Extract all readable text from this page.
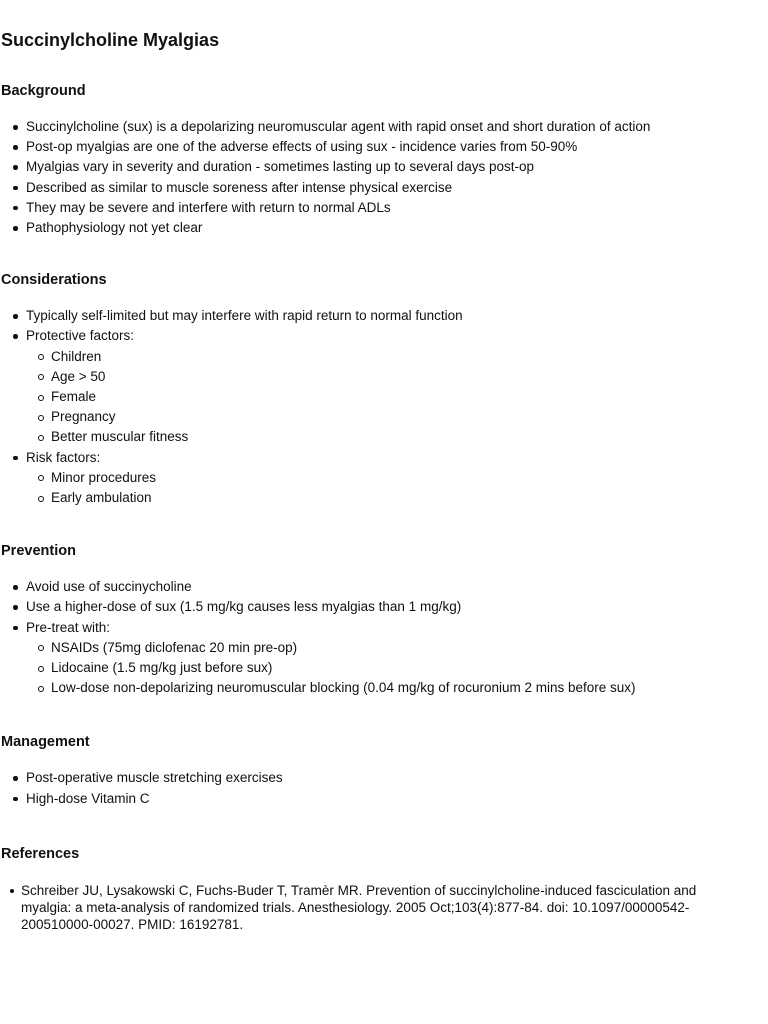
Succinylcholine Myalgias
Background
Succinylcholine (sux) is a depolarizing neuromuscular agent with rapid onset and short duration of action
Post-op myalgias are one of the adverse effects of using sux - incidence varies from 50-90%
Myalgias vary in severity and duration - sometimes lasting up to several days post-op
Described as similar to muscle soreness after intense physical exercise
They may be severe and interfere with return to normal ADLs
Pathophysiology not yet clear
Considerations
Typically self-limited but may interfere with rapid return to normal function
Protective factors:
Children
Age > 50
Female
Pregnancy
Better muscular fitness
Risk factors:
Minor procedures
Early ambulation
Prevention
Avoid use of succinycholine
Use a higher-dose of sux (1.5 mg/kg causes less myalgias than 1 mg/kg)
Pre-treat with:
NSAIDs (75mg diclofenac 20 min pre-op)
Lidocaine (1.5 mg/kg just before sux)
Low-dose non-depolarizing neuromuscular blocking (0.04 mg/kg of rocuronium 2 mins before sux)
Management
Post-operative muscle stretching exercises
High-dose Vitamin C
References
Schreiber JU, Lysakowski C, Fuchs-Buder T, Tramèr MR. Prevention of succinylcholine-induced fasciculation and myalgia: a meta-analysis of randomized trials. Anesthesiology. 2005 Oct;103(4):877-84. doi: 10.1097/00000542-200510000-00027. PMID: 16192781.
